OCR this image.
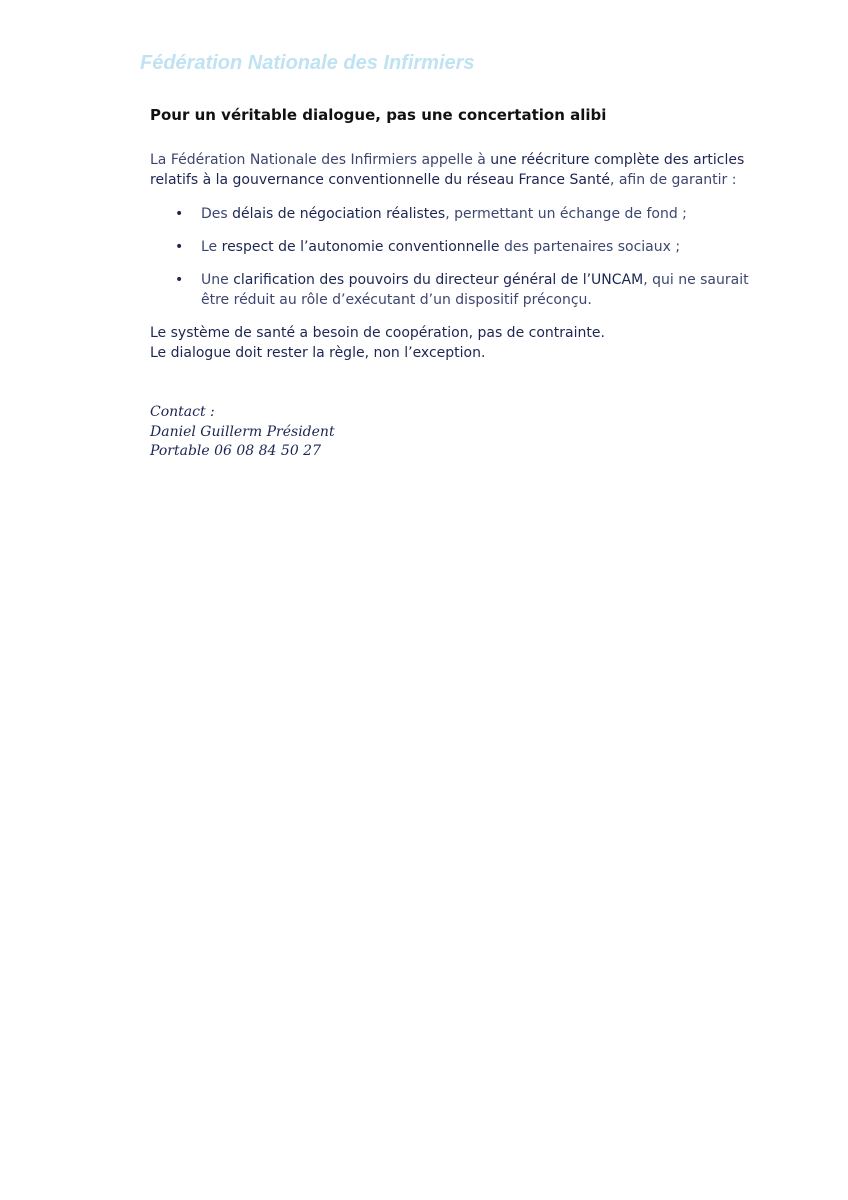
Fédération Nationale des Infirmiers
Pour un véritable dialogue, pas une concertation alibi

La Fédération Nationale des Infirmiers appelle à une réécriture complète des articles relatifs à la gouvernance conventionnelle du réseau France Santé, afin de garantir :

• Des délais de négociation réalistes, permettant un échange de fond ;
• Le respect de l’autonomie conventionnelle des partenaires sociaux ;
• Une clarification des pouvoirs du directeur général de l’UNCAM, qui ne saurait être réduit au rôle d’exécutant d’un dispositif préconçu.

Le système de santé a besoin de coopération, pas de contrainte.
Le dialogue doit rester la règle, non l’exception.

Contact :
Daniel Guillerm Président
Portable 06 08 84 50 27
